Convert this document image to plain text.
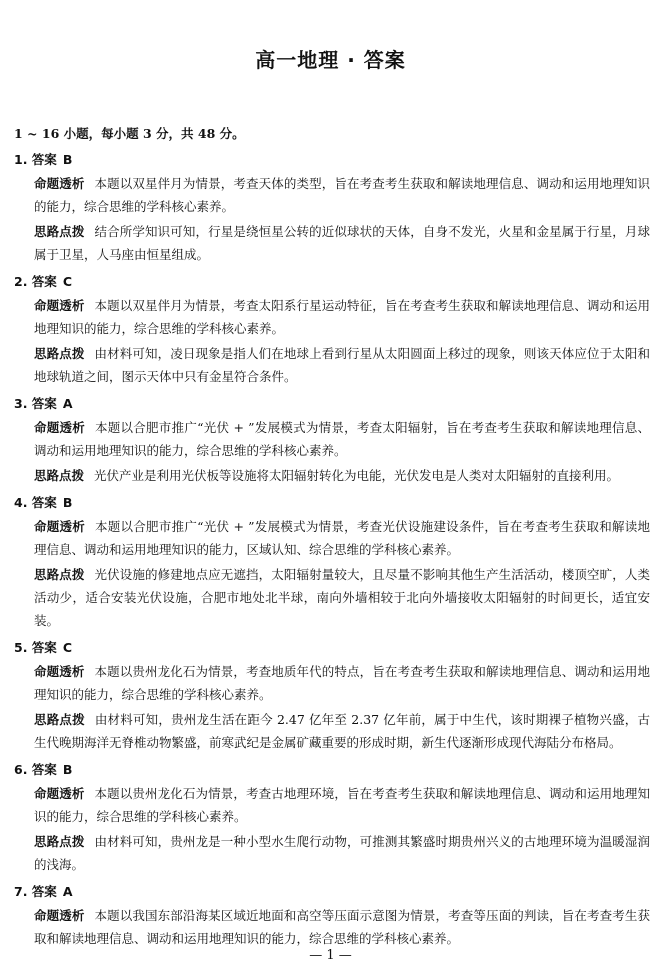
高一地理 · 答案
1 ~ 16 小题，每小题 3 分，共 48 分。
1. 答案 B
命题透析 本题以双星伴月为情景，考查天体的类型，旨在考查考生获取和解读地理信息、调动和运用地理知识的能力，综合思维的学科核心素养。
思路点拨 结合所学知识可知，行星是绕恒星公转的近似球状的天体，自身不发光，火星和金星属于行星，月球属于卫星，人马座由恒星组成。
2. 答案 C
命题透析 本题以双星伴月为情景，考查太阳系行星运动特征，旨在考查考生获取和解读地理信息、调动和运用地理知识的能力，综合思维的学科核心素养。
思路点拨 由材料可知，凌日现象是指人们在地球上看到行星从太阳圆面上移过的现象，则该天体应位于太阳和地球轨道之间，图示天体中只有金星符合条件。
3. 答案 A
命题透析 本题以合肥市推广“光伏 + ”发展模式为情景，考查太阳辐射，旨在考查考生获取和解读地理信息、调动和运用地理知识的能力，综合思维的学科核心素养。
思路点拨 光伏产业是利用光伏板等设施将太阳辐射转化为电能，光伏发电是人类对太阳辐射的直接利用。
4. 答案 B
命题透析 本题以合肥市推广“光伏 + ”发展模式为情景，考查光伏设施建设条件，旨在考查考生获取和解读地理信息、调动和运用地理知识的能力，区域认知、综合思维的学科核心素养。
思路点拨 光伏设施的修建地点应无遮挡，太阳辐射量较大，且尽量不影响其他生产生活活动，楼顶空旷，人类活动少，适合安装光伏设施，合肥市地处北半球，南向外墙相较于北向外墙接收太阳辐射的时间更长，适宜安装。
5. 答案 C
命题透析 本题以贵州龙化石为情景，考查地质年代的特点，旨在考查考生获取和解读地理信息、调动和运用地理知识的能力，综合思维的学科核心素养。
思路点拨 由材料可知，贵州龙生活在距今 2.47 亿年至 2.37 亿年前，属于中生代，该时期裸子植物兴盛，古生代晚期海洋无脊椎动物繁盛，前寒武纪是金属矿藏重要的形成时期，新生代逐渐形成现代海陆分布格局。
6. 答案 B
命题透析 本题以贵州龙化石为情景，考查古地理环境，旨在考查考生获取和解读地理信息、调动和运用地理知识的能力，综合思维的学科核心素养。
思路点拨 由材料可知，贵州龙是一种小型水生爬行动物，可推测其繁盛时期贵州兴义的古地理环境为温暖湿润的浅海。
7. 答案 A
命题透析 本题以我国东部沿海某区域近地面和高空等压面示意图为情景，考查等压面的判读，旨在考查考生获取和解读地理信息、调动和运用地理知识的能力，综合思维的学科核心素养。
— 1 —
